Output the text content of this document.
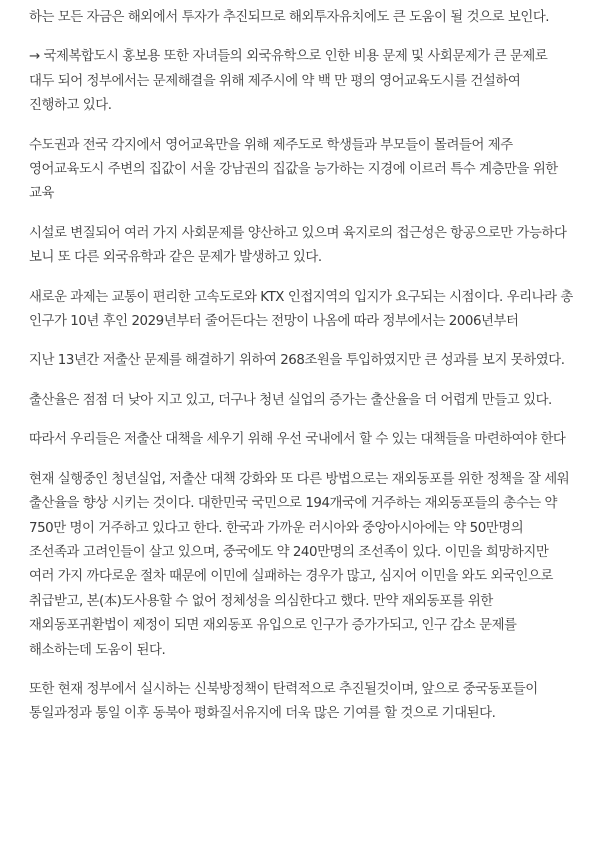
하는 모든 자금은 해외에서 투자가 추진되므로 해외투자유치에도 큰 도움이 될 것으로 보인다.

→ 국제복합도시 홍보용 또한 자녀들의 외국유학으로 인한 비용 문제 및 사회문제가 큰 문제로 대두 되어 정부에서는 문제해결을 위해 제주시에 약 백 만 평의 영어교육도시를 건설하여 진행하고 있다.

수도권과 전국 각지에서 영어교육만을 위해 제주도로 학생들과 부모들이 몰려들어 제주 영어교육도시 주변의 집값이 서울 강남권의 집값을 능가하는 지경에 이르러 특수 계층만을 위한 교육

시설로 변질되어 여러 가지 사회문제를 양산하고 있으며 육지로의 접근성은 항공으로만 가능하다 보니 또 다른 외국유학과 같은 문제가 발생하고 있다.

새로운 과제는 교통이 편리한 고속도로와 KTX 인접지역의 입지가 요구되는 시점이다. 우리나라 총 인구가 10년 후인 2029년부터 줄어든다는 전망이 나옴에 따라 정부에서는 2006년부터

지난 13년간 저출산 문제를 해결하기 위하여 268조원을 투입하였지만 큰 성과를 보지 못하였다.

출산율은 점점 더 낮아 지고 있고, 더구나 청년 실업의 증가는 출산율을 더 어렵게 만들고 있다.

따라서 우리들은 저출산 대책을 세우기 위해 우선 국내에서 할 수 있는 대책들을 마련하여야 한다

현재 실행중인 청년실업, 저출산 대책 강화와 또 다른 방법으로는 재외동포를 위한 정책을 잘 세워 출산율을 향상 시키는 것이다. 대한민국 국민으로 194개국에 거주하는 재외동포들의 총수는 약 750만 명이 거주하고 있다고 한다. 한국과 가까운 러시아와 중앙아시아에는 약 50만명의 조선족과 고려인들이 살고 있으며, 중국에도 약 240만명의 조선족이 있다. 이민을 희망하지만 여러 가지 까다로운 절차 때문에 이민에 실패하는 경우가 많고, 심지어 이민을 와도 외국인으로 취급받고, 본(本)도사용할 수 없어 정체성을 의심한다고 했다. 만약 재외동포를 위한 재외동포귀환법이 제정이 되면 재외동포 유입으로 인구가 증가가되고, 인구 감소 문제를 해소하는데 도움이 된다.

또한 현재 정부에서 실시하는 신북방정책이 탄력적으로 추진될것이며, 앞으로 중국동포들이 통일과정과 통일 이후 동북아 평화질서유지에 더욱 많은 기여를 할 것으로 기대된다.
